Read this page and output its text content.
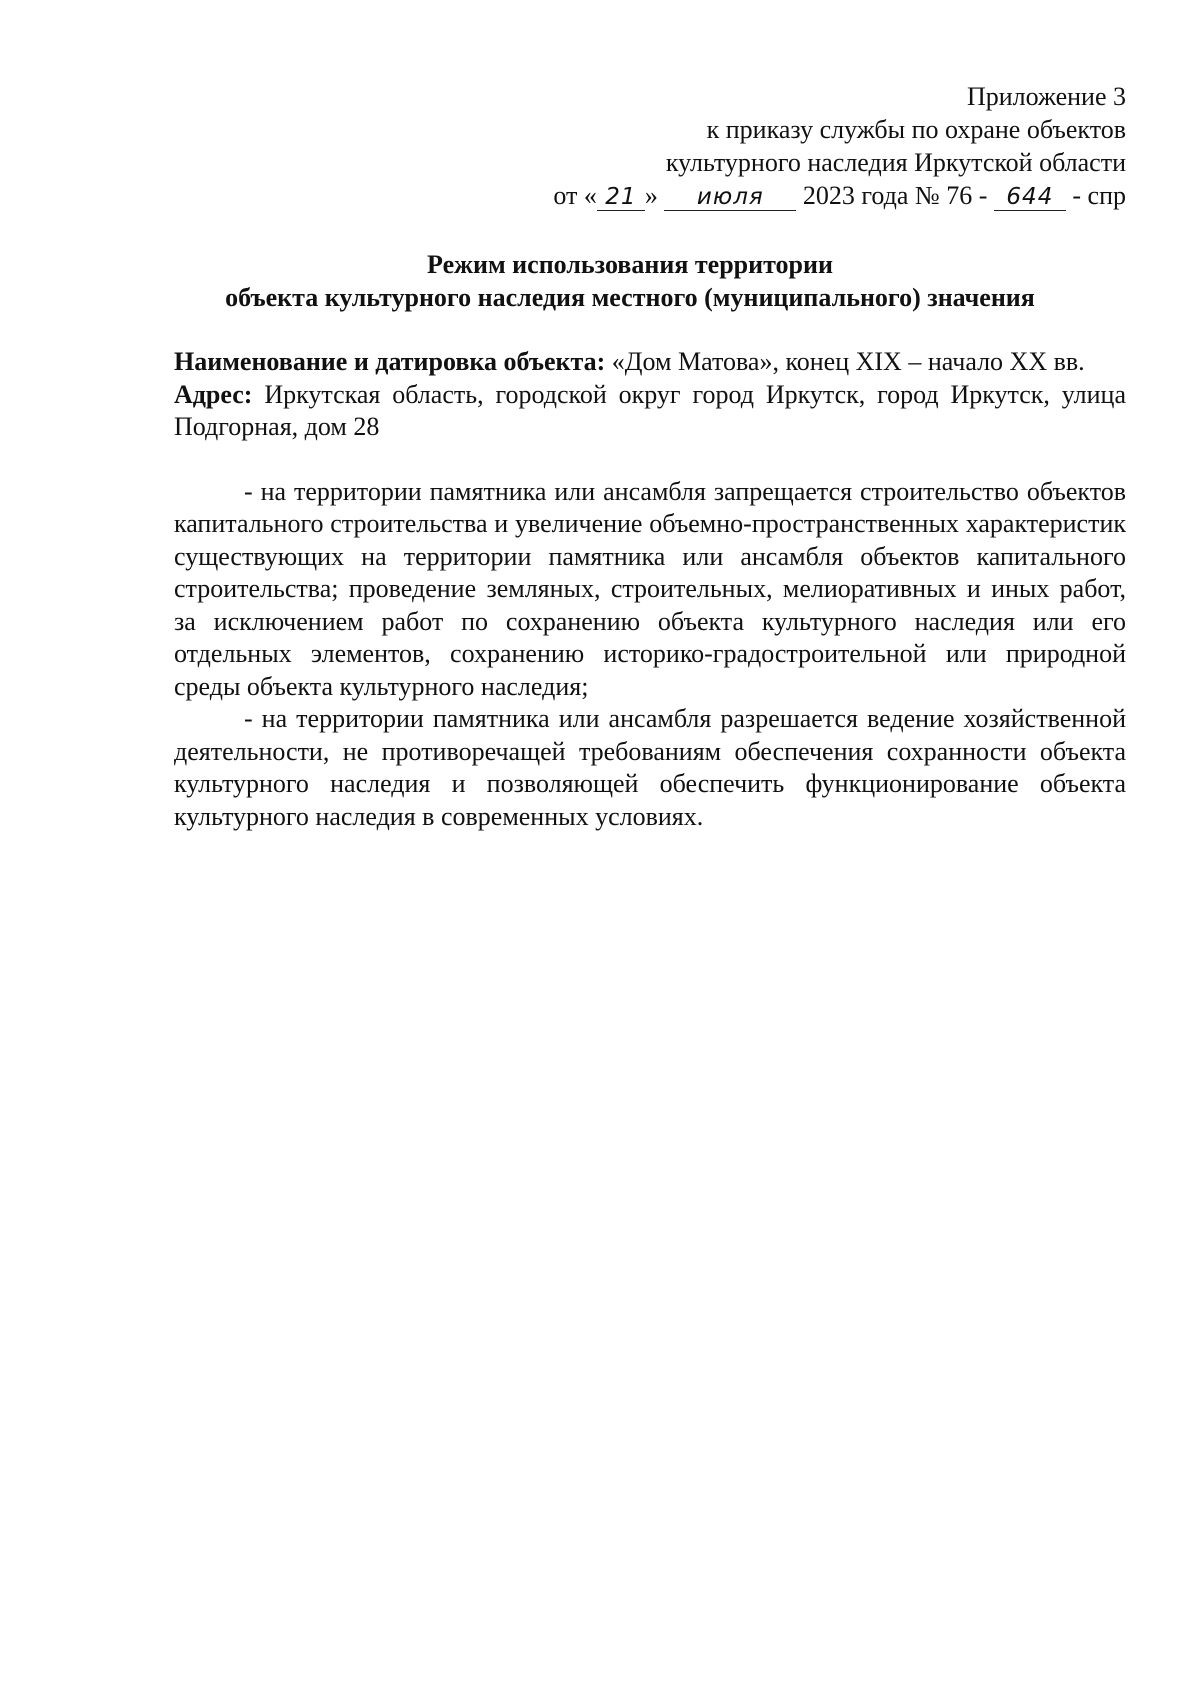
Приложение 3
к приказу службы по охране объектов
культурного наследия Иркутской области
от « 21 » июля 2023 года № 76 - 644 - спр
Режим использования территории
объекта культурного наследия местного (муниципального) значения

Наименование и датировка объекта: «Дом Матова», конец XIX – начало XX вв.

Адрес: Иркутская область, городской округ город Иркутск, город Иркутск, улица Подгорная, дом 28

- на территории памятника или ансамбля запрещается строительство объектов капитального строительства и увеличение объемно-пространственных характеристик существующих на территории памятника или ансамбля объектов капитального строительства; проведение земляных, строительных, мелиоративных и иных работ, за исключением работ по сохранению объекта культурного наследия или его отдельных элементов, сохранению историко-градостроительной или природной среды объекта культурного наследия;

- на территории памятника или ансамбля разрешается ведение хозяйственной деятельности, не противоречащей требованиям обеспечения сохранности объекта культурного наследия и позволяющей обеспечить функционирование объекта культурного наследия в современных условиях.
